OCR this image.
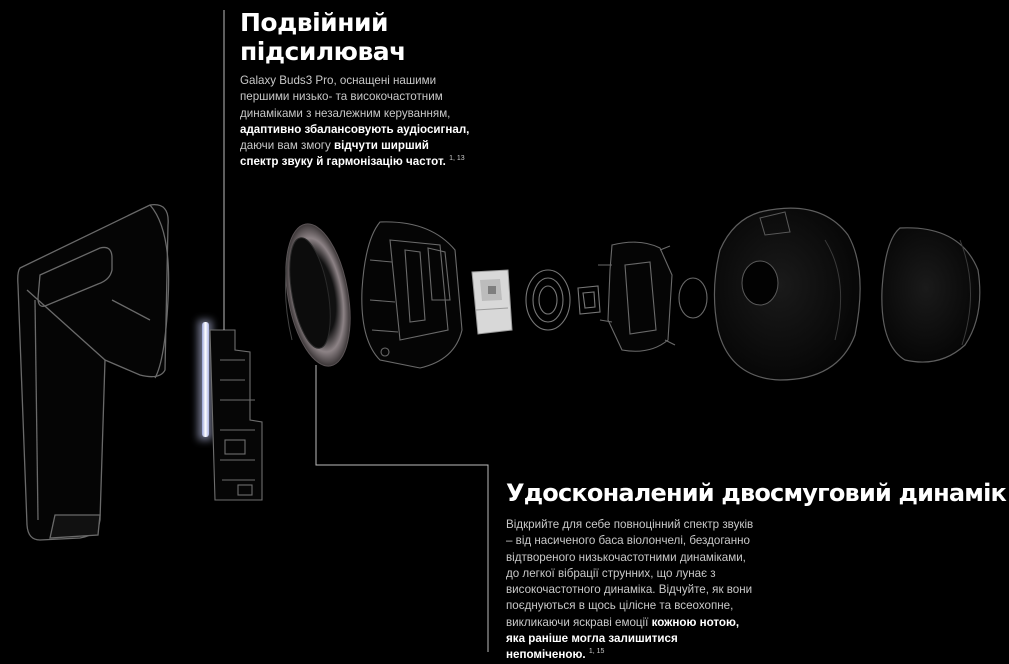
Подвійний підсилювач
Galaxy Buds3 Pro, оснащені нашими першими низько- та високочастотним динаміками з незалежним керуванням, адаптивно збалансовують аудіосигнал, даючи вам змогу відчути ширший спектр звуку й гармонізацію частот. $^{1, 13}$
Удосконалений двосмуговий динамік
Відкрийте для себе повноцінний спектр звуків – від насиченого баса віолончелі, бездоганно відтвореного низькочастотними динаміками, до легкої вібрації струнних, що лунає з високочастотного динаміка. Відчуйте, як вони поєднуються в щось цілісне та всеохопне, викликаючи яскраві емоції кожною нотою, яка раніше могла залишитися непоміченою. $^{1, 15}$
